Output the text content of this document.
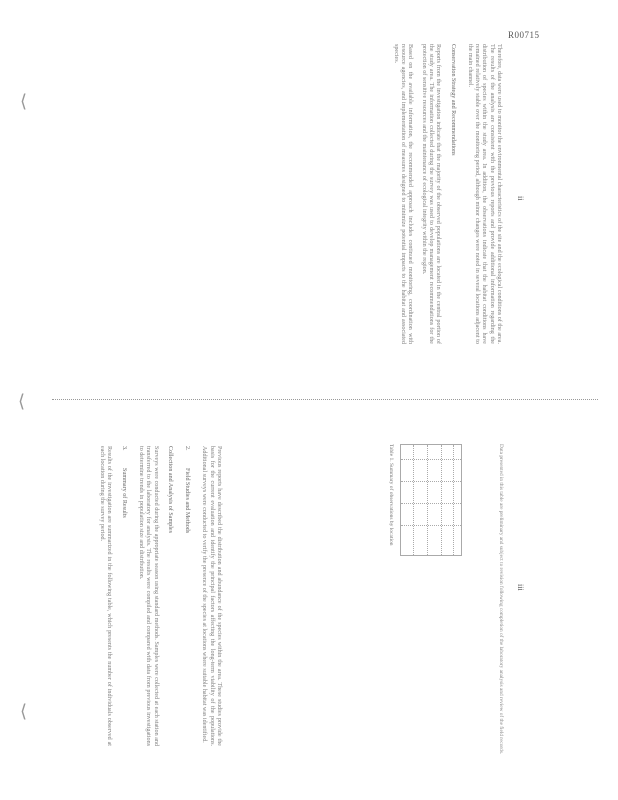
R00715
⟨
⟨
⟨
ii
iii

Therefore, data were used to monitor the environmental characteristics of the site and the ecological conditions of the area. The results of the analysis are consistent with the previous reports and provide additional information regarding the distribution of species within the study area. In addition, the observations indicate that the habitat conditions have remained relatively stable over the monitoring period, although minor changes were noted in several locations adjacent to the main channel.

Conservation Strategy and Recommendations

Reports from the investigation indicate that the majority of the observed populations are located in the central portion of the study area. The information collected during the survey was used to develop management recommendations for the protection of sensitive resources and the maintenance of ecological integrity within the region.

Based on the available information, the recommended approach includes continued monitoring, coordination with resource agencies, and implementation of measures designed to minimize potential impacts to the habitat and associated species.

Previous reports have described the distribution and abundance of the species within the area. These studies provide the basis for the current evaluation and identify the principal factors affecting the long-term viability of the populations. Additional surveys were conducted to verify the presence of the species at locations where suitable habitat was identified.

2.Field Studies and Methods

Collection and Analysis of Samples

Surveys were conducted during the appropriate season using standard methods. Samples were collected at each station and transferred to the laboratory for analysis. The results were compiled and compared with data from previous investigations to determine trends in population size and distribution.

3.Summary of Results

Results of the investigation are summarized in the following table, which presents the number of individuals observed at each location during the survey period.	Table 1. Summary of observations by location	Data presented in this table are preliminary and subject to revision following completion of the laboratory analysis and review of the field records.
